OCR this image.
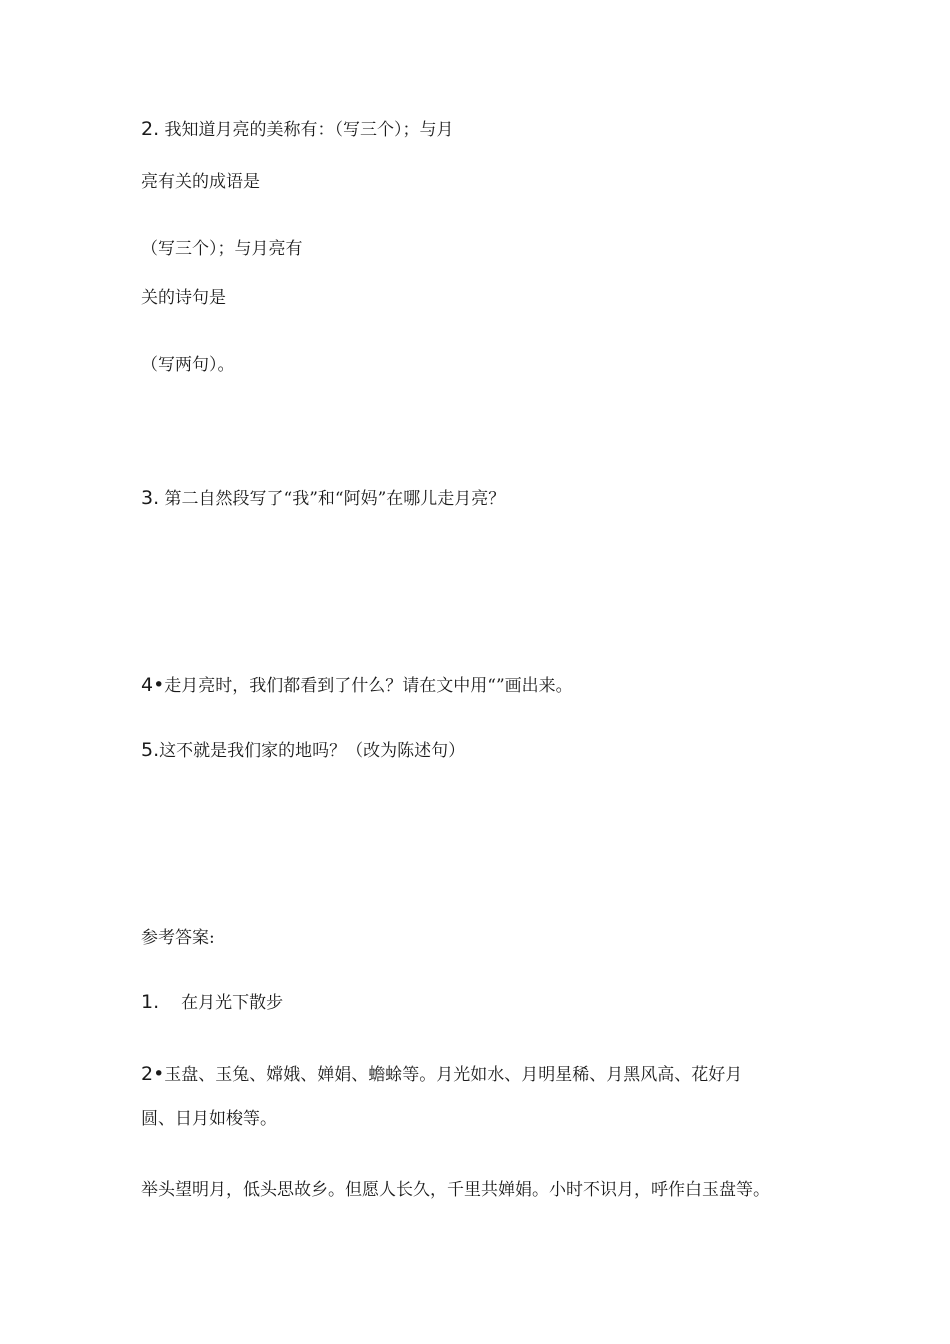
2. 我知道月亮的美称有：（写三个）；与月
亮有关的成语是
（写三个）；与月亮有
关的诗句是
（写两句）。
3. 第二自然段写了“我”和“阿妈”在哪儿走月亮？
4•走月亮时，我们都看到了什么？请在文中用“”画出来。
5.这不就是我们家的地吗？（改为陈述句）
参考答案:
1. 在月光下散步
2•玉盘、玉兔、嫦娥、婵娟、蟾蜍等。月光如水、月明星稀、月黑风高、花好月
圆、日月如梭等。
举头望明月，低头思故乡。但愿人长久，千里共婵娟。小时不识月，呼作白玉盘等。
